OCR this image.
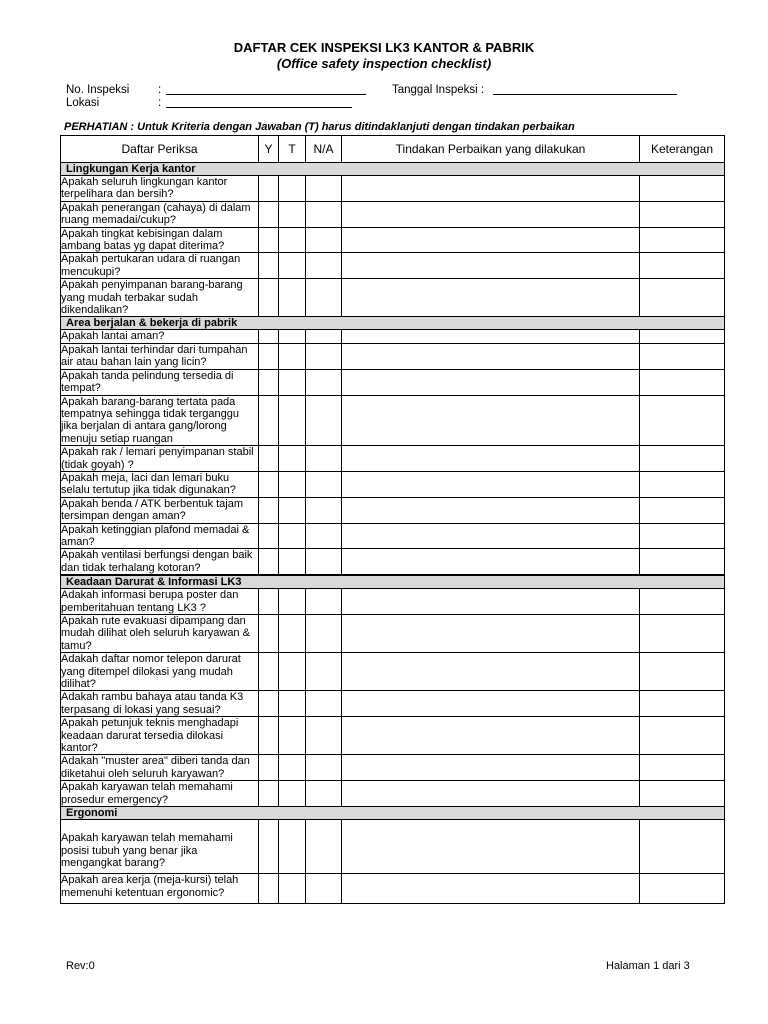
DAFTAR CEK INSPEKSI LK3 KANTOR & PABRIK
(Office safety inspection checklist)
No. Inspeksi :	Tanggal Inspeksi :
Lokasi	:
PERHATIAN : Untuk Kriteria dengan Jawaban (T) harus ditindaklanjuti dengan tindakan perbaikan
Daftar Periksa	Y	T	N/A	Tindakan Perbaikan yang dilakukan	Keterangan
Lingkungan Kerja kantor					
Apakah seluruh lingkungan kantor terpelihara dan bersih?					
Apakah penerangan (cahaya) di dalam ruang memadai/cukup?					
Apakah tingkat kebisingan dalam ambang batas yg dapat diterima?					
Apakah pertukaran udara di ruangan mencukupi?					
Apakah penyimpanan barang-barang yang mudah terbakar sudah dikendalikan?					
Area berjalan & bekerja di pabrik					
Apakah lantai aman?					
Apakah lantai terhindar dari tumpahan air atau bahan lain yang licin?					
Apakah tanda pelindung tersedia di tempat?					
Apakah barang-barang tertata pada tempatnya sehingga tidak terganggu jika berjalan di antara gang/lorong menuju setiap ruangan					
Apakah rak / lemari penyimpanan stabil (tidak goyah) ?					
Apakah meja, laci dan lemari buku selalu tertutup jika tidak digunakan?					
Apakah benda / ATK berbentuk tajam tersimpan dengan aman?					
Apakah ketinggian plafond memadai & aman?					
Apakah ventilasi berfungsi dengan baik dan tidak terhalang kotoran?					

Keadaan Darurat & Informasi LK3					
Adakah informasi berupa poster dan pemberitahuan tentang LK3 ?					
Apakah rute evakuasi dipampang dan mudah dilihat oleh seluruh karyawan & tamu?					
Adakah daftar nomor telepon darurat yang ditempel dilokasi yang mudah dilihat?					
Adakah rambu bahaya atau tanda K3 terpasang di lokasi yang sesuai?					
Apakah petunjuk teknis menghadapi keadaan darurat tersedia dilokasi kantor?					
Adakah "muster area" diberi tanda dan diketahui oleh seluruh karyawan?					
Apakah karyawan telah memahami prosedur emergency?					
Ergonomi					
Apakah karyawan telah memahami posisi tubuh yang benar jika mengangkat barang?					
Apakah area kerja (meja-kursi) telah memenuhi ketentuan ergonomic?					
Rev:0	Halaman 1 dari 3
